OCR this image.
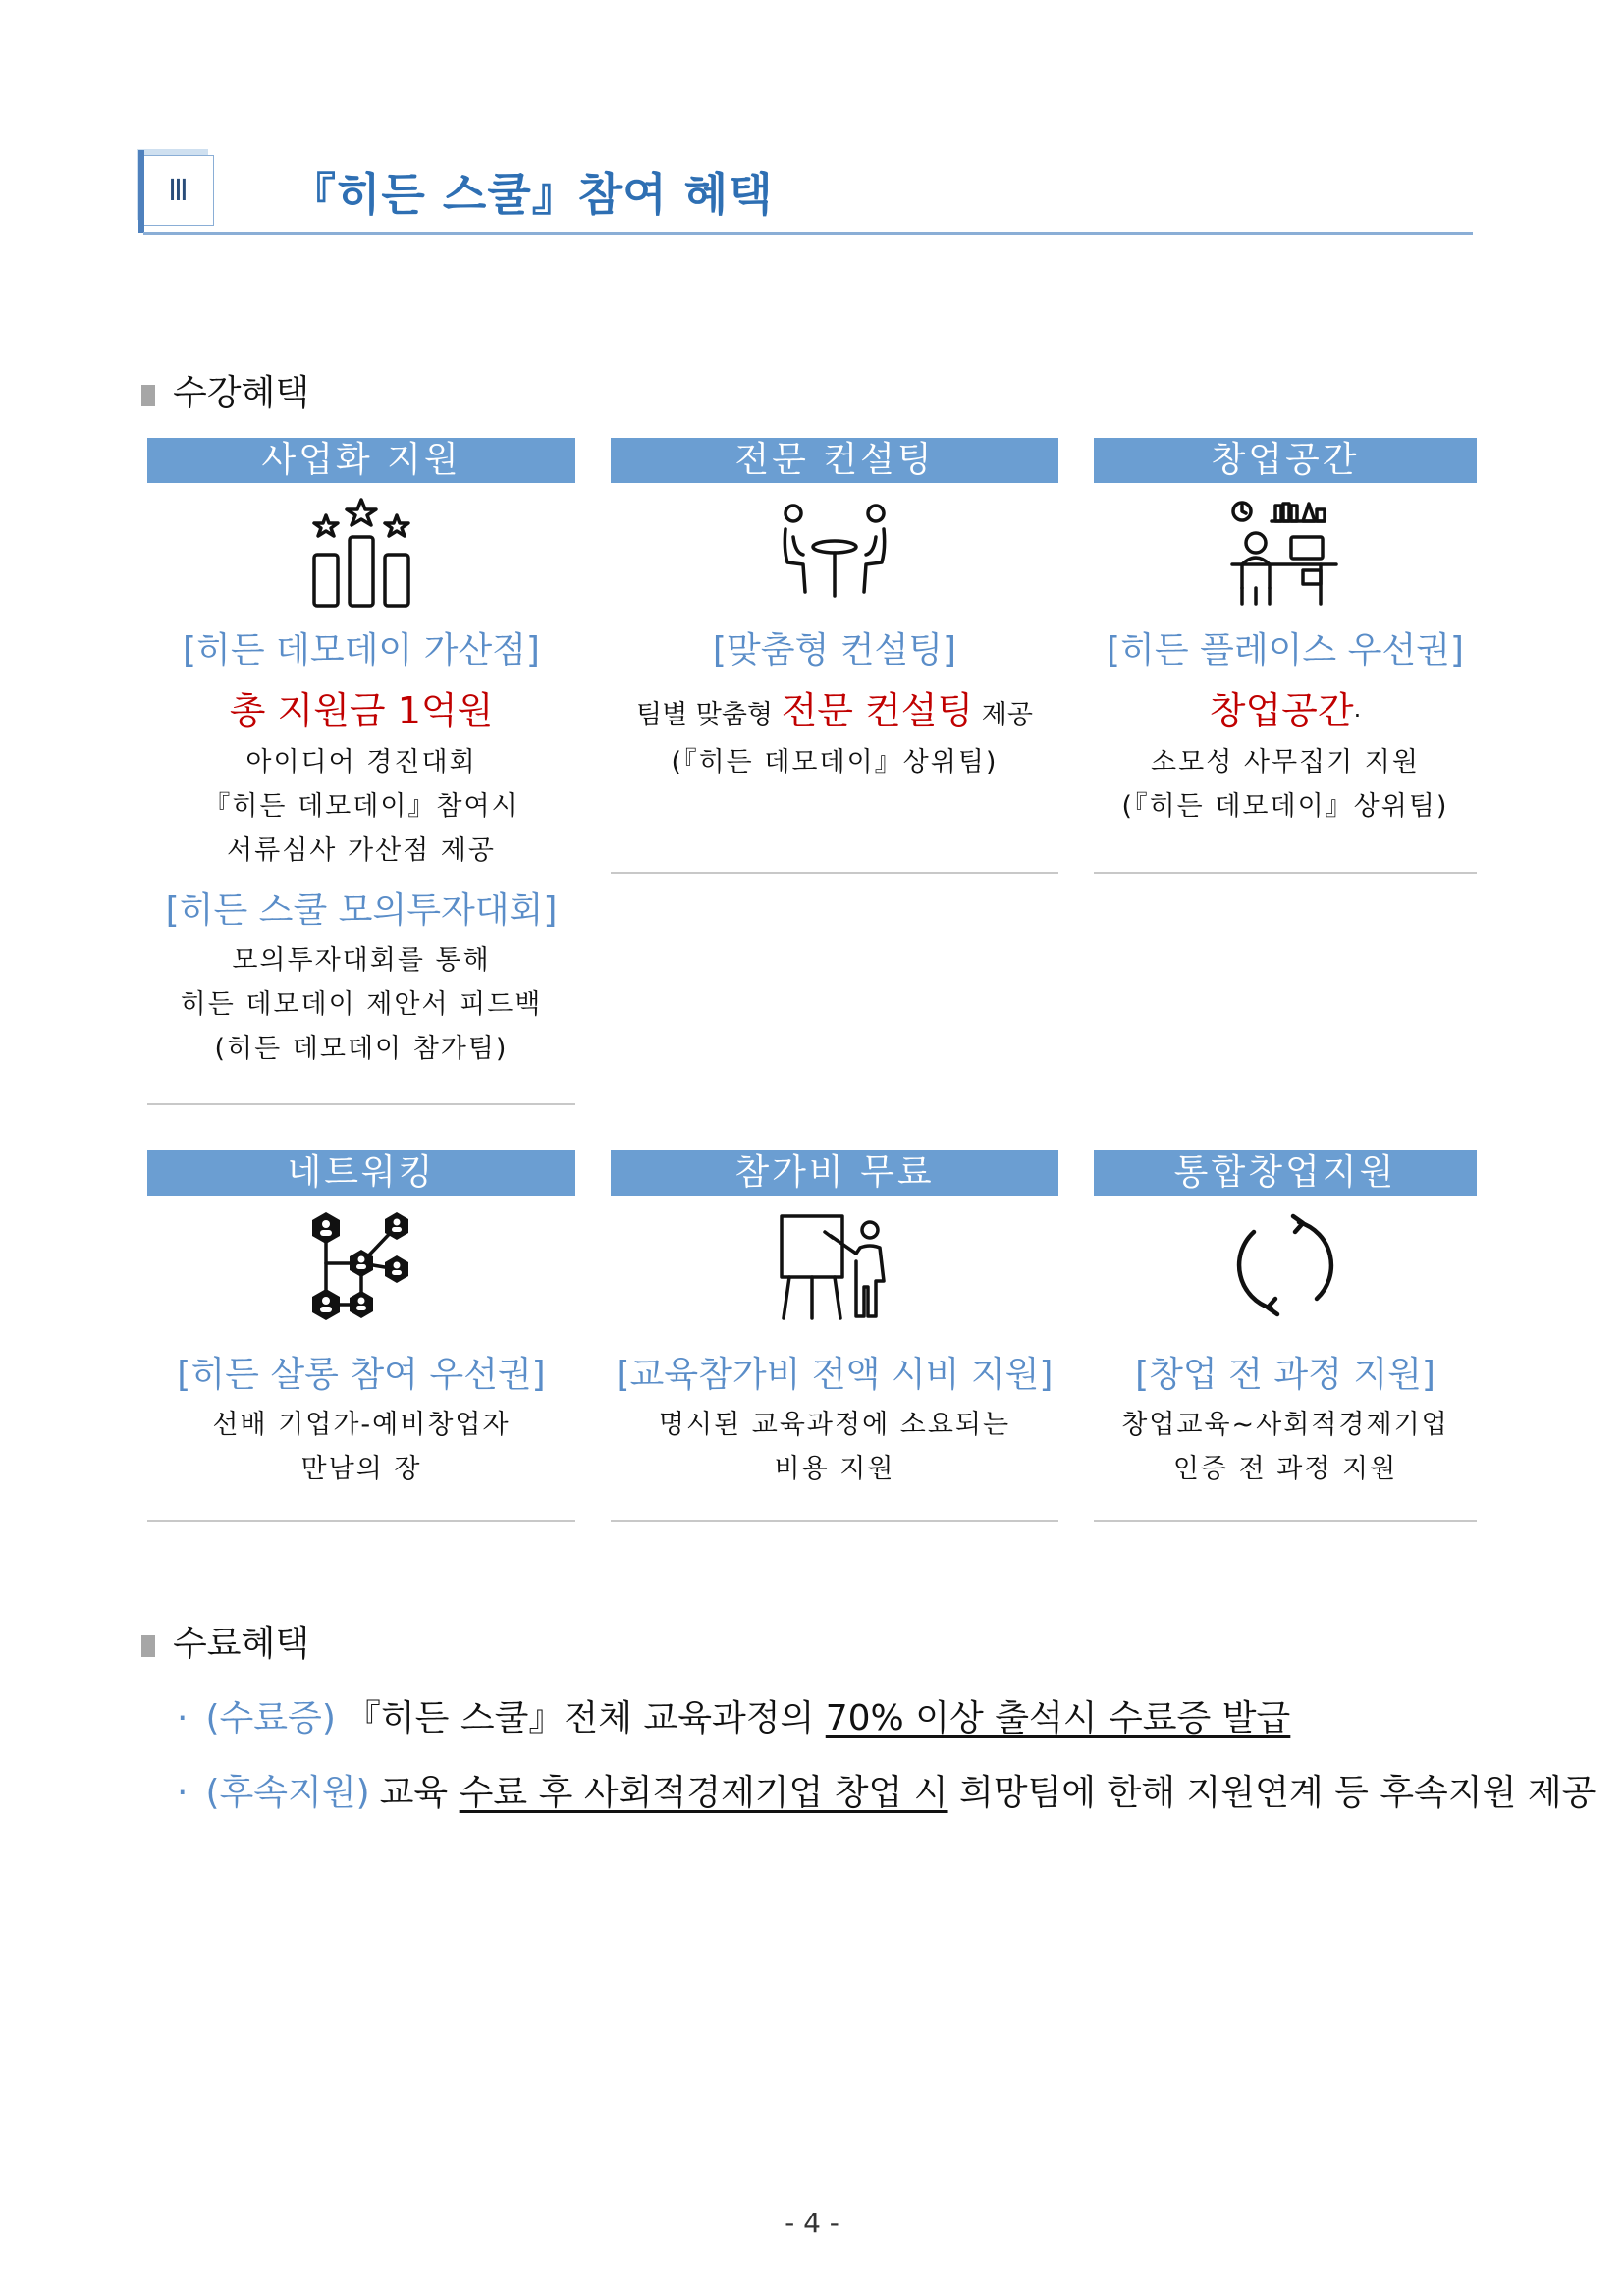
Ⅲ 『히든 스쿨』참여 혜택
수강혜택
사업화 지원
[히든 데모데이 가산점]
총 지원금 1억원
아이디어 경진대회
『히든 데모데이』참여시
서류심사 가산점 제공
[히든 스쿨 모의투자대회]
모의투자대회를 통해
히든 데모데이 제안서 피드백
(히든 데모데이 참가팀)
전문 컨설팅
[맞춤형 컨설팅]
팀별 맞춤형 전문 컨설팅 제공
(『히든 데모데이』상위팀)
창업공간
[히든 플레이스 우선권]
창업공간·
소모성 사무집기 지원
(『히든 데모데이』상위팀)
네트워킹
[히든 살롱 참여 우선권]
선배 기업가-예비창업자
만남의 장
참가비 무료
[교육참가비 전액 시비 지원]
명시된 교육과정에 소요되는
비용 지원
통합창업지원
[창업 전 과정 지원]
창업교육~사회적경제기업
인증 전 과정 지원
수료혜택
· (수료증) 『히든 스쿨』전체 교육과정의 70% 이상 출석시 수료증 발급
· (후속지원) 교육 수료 후 사회적경제기업 창업 시 희망팀에 한해 지원연계 등 후속지원 제공
- 4 -
